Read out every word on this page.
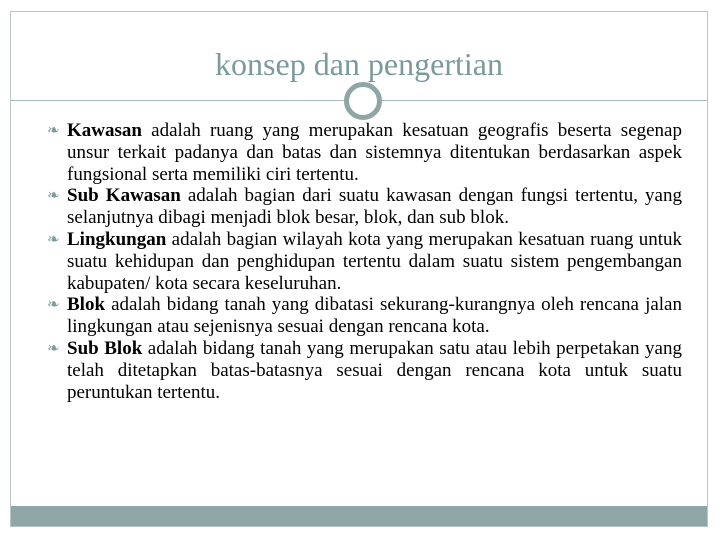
konsep dan pengertian

❧ Kawasan adalah ruang yang merupakan kesatuan geografis beserta segenap unsur terkait padanya dan batas dan sistemnya ditentukan berdasarkan aspek fungsional serta memiliki ciri tertentu.

❧ Sub Kawasan adalah bagian dari suatu kawasan dengan fungsi tertentu, yang selanjutnya dibagi menjadi blok besar, blok, dan sub blok.

❧ Lingkungan adalah bagian wilayah kota yang merupakan kesatuan ruang untuk suatu kehidupan dan penghidupan tertentu dalam suatu sistem pengembangan kabupaten/ kota secara keseluruhan.

❧ Blok adalah bidang tanah yang dibatasi sekurang-kurangnya oleh rencana jalan lingkungan atau sejenisnya sesuai dengan rencana kota.

❧ Sub Blok adalah bidang tanah yang merupakan satu atau lebih perpetakan yang telah ditetapkan batas-batasnya sesuai dengan rencana kota untuk suatu peruntukan tertentu.
